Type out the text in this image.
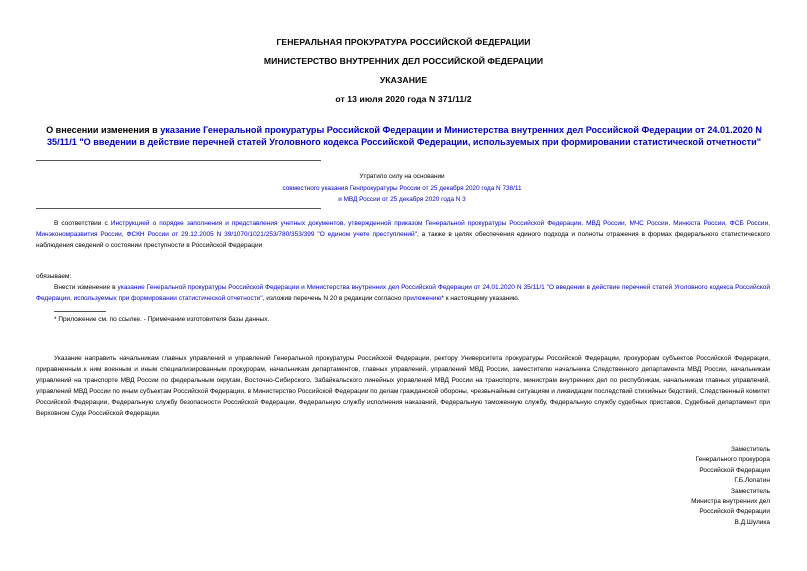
ГЕНЕРАЛЬНАЯ ПРОКУРАТУРА РОССИЙСКОЙ ФЕДЕРАЦИИ
МИНИСТЕРСТВО ВНУТРЕННИХ ДЕЛ РОССИЙСКОЙ ФЕДЕРАЦИИ
УКАЗАНИЕ
от 13 июля 2020 года N 371/11/2
О внесении изменения в указание Генеральной прокуратуры Российской Федерации и Министерства внутренних дел Российской Федерации от 24.01.2020 N 35/11/1 "О введении в действие перечней статей Уголовного кодекса Российской Федерации, используемых при формировании статистической отчетности"
Утратило силу на основании
совместного указания Генпрокуратуры России от 25 декабря 2020 года N 738/11
и МВД России от 25 декабря 2020 года N 3
В соответствии с Инструкцией о порядке заполнения и представления учетных документов, утвержденной приказом Генеральной прокуратуры Российской Федерации, МВД России, МЧС России, Минюста России, ФСБ России, Минэкономразвития России, ФСКН России от 29.12.2005 N 39/1070/1021/253/780/353/399 "О едином учете преступлений", а также в целях обеспечения единого подхода и полноты отражения в формах федерального статистического наблюдения сведений о состоянии преступности в Российской Федерации
обязываем:
Внести изменение в указание Генеральной прокуратуры Российской Федерации и Министерства внутренних дел Российской Федерации от 24.01.2020 N 35/11/1 "О введении в действие перечней статей Уголовного кодекса Российской Федерации, используемых при формировании статистической отчетности", изложив перечень N 20 в редакции согласно приложению* к настоящему указанию.
* Приложение см. по ссылке. - Примечание изготовителя базы данных.
Указание направить начальникам главных управлений и управлений Генеральной прокуратуры Российской Федерации, ректору Университета прокуратуры Российской Федерации, прокурорам субъектов Российской Федерации, приравненным к ним военным и иным специализированным прокурорам, начальникам департаментов, главных управлений, управлений МВД России, заместителю начальника Следственного департамента МВД России, начальникам управлений на транспорте МВД России по федеральным округам, Восточно-Сибирского, Забайкальского линейных управлений МВД России на транспорте, министрам внутренних дел по республикам, начальникам главных управлений, управлений МВД России по иным субъектам Российской Федерации, в Министерство Российской Федерации по делам гражданской обороны, чрезвычайным ситуациям и ликвидации последствий стихийных бедствий, Следственный комитет Российской Федерации, Федеральную службу безопасности Российской Федерации, Федеральную службу исполнения наказаний, Федеральную таможенную службу, Федеральную службу судебных приставов, Судебный департамент при Верховном Суде Российской Федерации.
Заместитель
Генерального прокурора
Российской Федерации
Г.Б.Лопатин
Заместитель
Министра внутренних дел
Российской Федерации
В.Д.Шулика
